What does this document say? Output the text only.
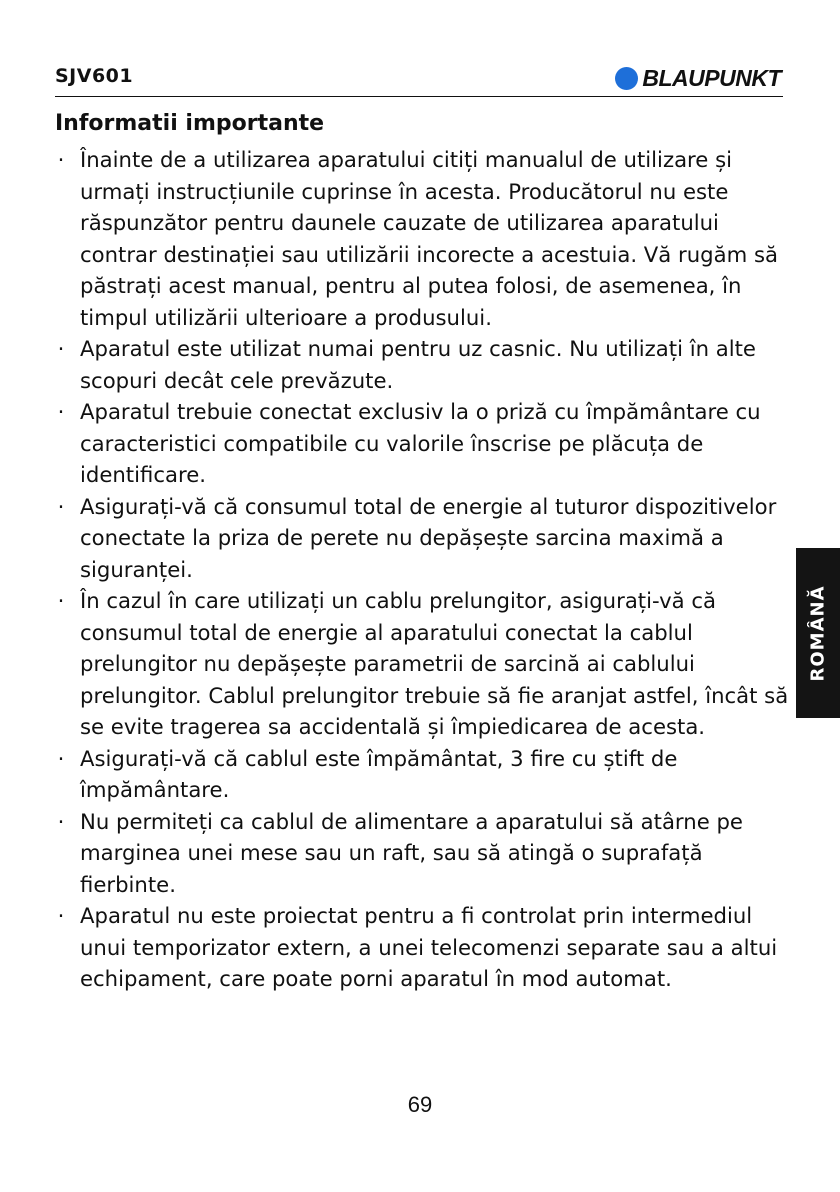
SJV601	BLAUPUNKT
Informatii importante
· Înainte de a utilizarea aparatului citiți manualul de utilizare și urmați instrucțiunile cuprinse în acesta. Producătorul nu este răspunzător pentru daunele cauzate de utilizarea aparatului contrar destinației sau utilizării incorecte a acestuia. Vă rugăm să păstrați acest manual, pentru al putea folosi, de asemenea, în timpul utilizării ulterioare a produsului.
· Aparatul este utilizat numai pentru uz casnic. Nu utilizați în alte scopuri decât cele prevăzute.
· Aparatul trebuie conectat exclusiv la o priză cu împământare cu caracteristici compatibile cu valorile înscrise pe plăcuța de identificare.
· Asigurați-vă că consumul total de energie al tuturor dispozitivelor conectate la priza de perete nu depășește sarcina maximă a siguranței.
· În cazul în care utilizați un cablu prelungitor, asigurați-vă că consumul total de energie al aparatului conectat la cablul prelungitor nu depășește parametrii de sarcină ai cablului prelungitor. Cablul prelungitor trebuie să fie aranjat astfel, încât să se evite tragerea sa accidentală și împiedicarea de acesta.
· Asigurați-vă că cablul este împământat, 3 fire cu știft de împământare.
· Nu permiteți ca cablul de alimentare a aparatului să atârne pe marginea unei mese sau un raft, sau să atingă o suprafață fierbinte.
· Aparatul nu este proiectat pentru a fi controlat prin intermediul unui temporizator extern, a unei telecomenzi separate sau a altui echipament, care poate porni aparatul în mod automat.
ROMÂNĂ
69
